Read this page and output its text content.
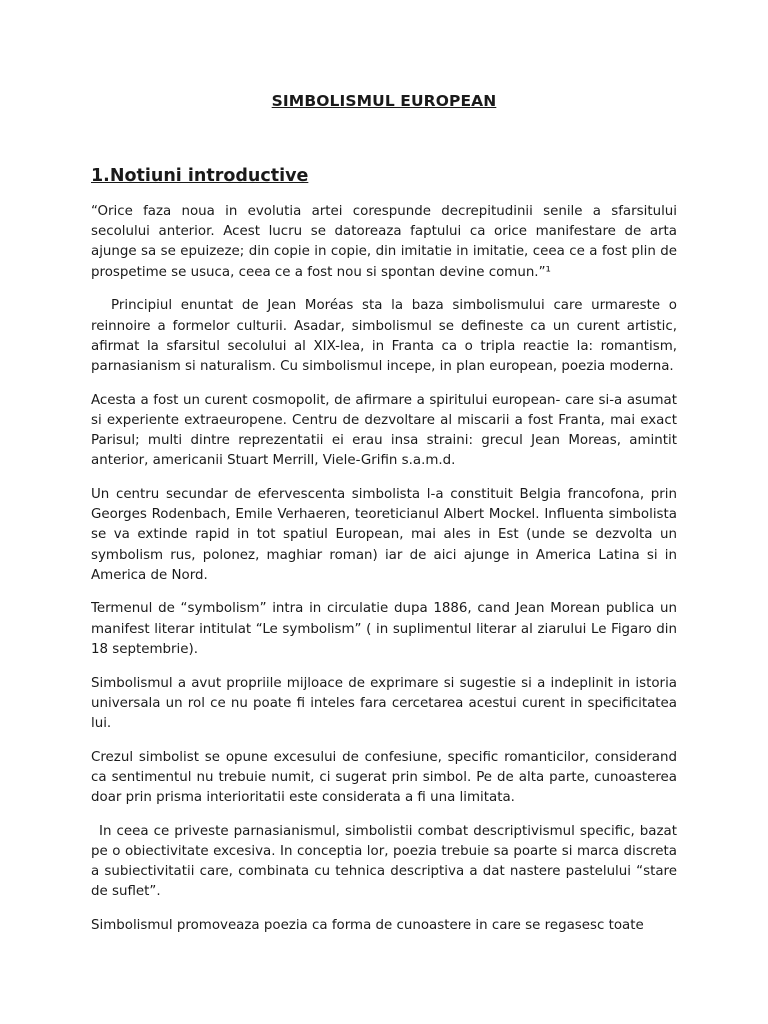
SIMBOLISMUL EUROPEAN
1.Notiuni introductive

“Orice faza noua in evolutia artei corespunde decrepitudinii senile a sfarsitului secolului anterior. Acest lucru se datoreaza faptului ca orice manifestare de arta ajunge sa se epuizeze; din copie in copie, din imitatie in imitatie, ceea ce a fost plin de prospetime se usuca, ceea ce a fost nou si spontan devine comun.”¹

Principiul enuntat de Jean Moréas sta la baza simbolismului care urmareste o reinnoire a formelor culturii. Asadar, simbolismul se defineste ca un curent artistic, afirmat la sfarsitul secolului al XIX-lea, in Franta ca o tripla reactie la: romantism, parnasianism si naturalism. Cu simbolismul incepe, in plan european, poezia moderna.

Acesta a fost un curent cosmopolit, de afirmare a spiritului european- care si-a asumat si experiente extraeuropene. Centru de dezvoltare al miscarii a fost Franta, mai exact Parisul; multi dintre reprezentatii ei erau insa straini: grecul Jean Moreas, amintit anterior, americanii Stuart Merrill, Viele-Grifin s.a.m.d.

Un centru secundar de efervescenta simbolista l-a constituit Belgia francofona, prin Georges Rodenbach, Emile Verhaeren, teoreticianul Albert Mockel. Influenta simbolista se va extinde rapid in tot spatiul European, mai ales in Est (unde se dezvolta un symbolism rus, polonez, maghiar roman) iar de aici ajunge in America Latina si in America de Nord.

Termenul de “symbolism” intra in circulatie dupa 1886, cand Jean Morean publica un manifest literar intitulat “Le symbolism” ( in suplimentul literar al ziarului Le Figaro din 18 septembrie).

Simbolismul a avut propriile mijloace de exprimare si sugestie si a indeplinit in istoria universala un rol ce nu poate fi inteles fara cercetarea acestui curent in specificitatea lui.

Crezul simbolist se opune excesului de confesiune, specific romanticilor, considerand ca sentimentul nu trebuie numit, ci sugerat prin simbol. Pe de alta parte, cunoasterea doar prin prisma interioritatii este considerata a fi una limitata.

In ceea ce priveste parnasianismul, simbolistii combat descriptivismul specific, bazat pe o obiectivitate excesiva. In conceptia lor, poezia trebuie sa poarte si marca discreta a subiectivitatii care, combinata cu tehnica descriptiva a dat nastere pastelului “stare de suflet”.

Simbolismul promoveaza poezia ca forma de cunoastere in care se regasesc toate
